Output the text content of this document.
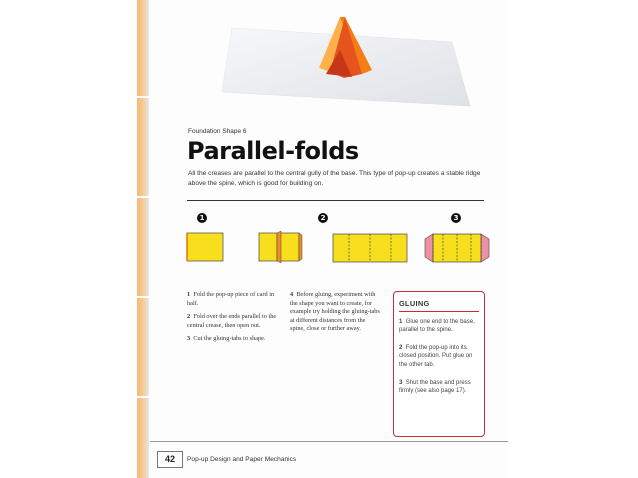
Foundation Shape 6
Parallel-folds
All the creases are parallel to the central gully of the base. This type of pop-up creates a stable ridge above the spine, which is good for building on.
1	2	3
1 Fold the pop-up piece of card in half.
2 Fold over the ends parallel to the central crease, then open out.
3 Cut the gluing-tabs to shape.
4 Before gluing, experiment with the shape you want to create, for example try holding the gluing-tabs at different distances from the spine, close or further away.
GLUING
1 Glue one end to the base, parallel to the spine.
2 Fold the pop-up into its closed position. Put glue on the other tab.
3 Shut the base and press firmly (see also page 17).
42	Pop-up Design and Paper Mechanics
